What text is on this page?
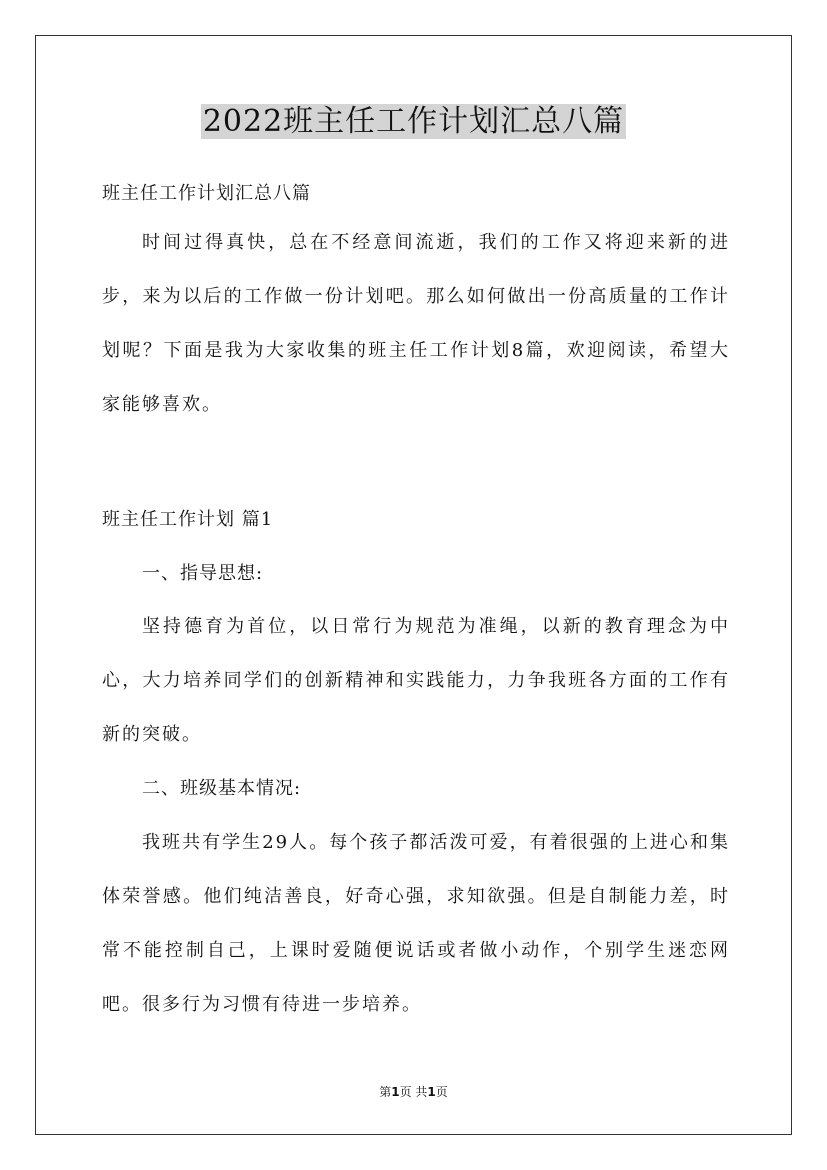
2022班主任工作计划汇总八篇
班主任工作计划汇总八篇

时间过得真快，总在不经意间流逝，我们的工作又将迎来新的进步，来为以后的工作做一份计划吧。那么如何做出一份高质量的工作计划呢？下面是我为大家收集的班主任工作计划8篇，欢迎阅读，希望大家能够喜欢。

班主任工作计划 篇1
一、指导思想:

坚持德育为首位，以日常行为规范为准绳，以新的教育理念为中心，大力培养同学们的创新精神和实践能力，力争我班各方面的工作有新的突破。

二、班级基本情况:

我班共有学生29人。每个孩子都活泼可爱，有着很强的上进心和集体荣誉感。他们纯洁善良，好奇心强，求知欲强。但是自制能力差，时常不能控制自己，上课时爱随便说话或者做小动作，个别学生迷恋网吧。很多行为习惯有待进一步培养。

第1页 共1页
